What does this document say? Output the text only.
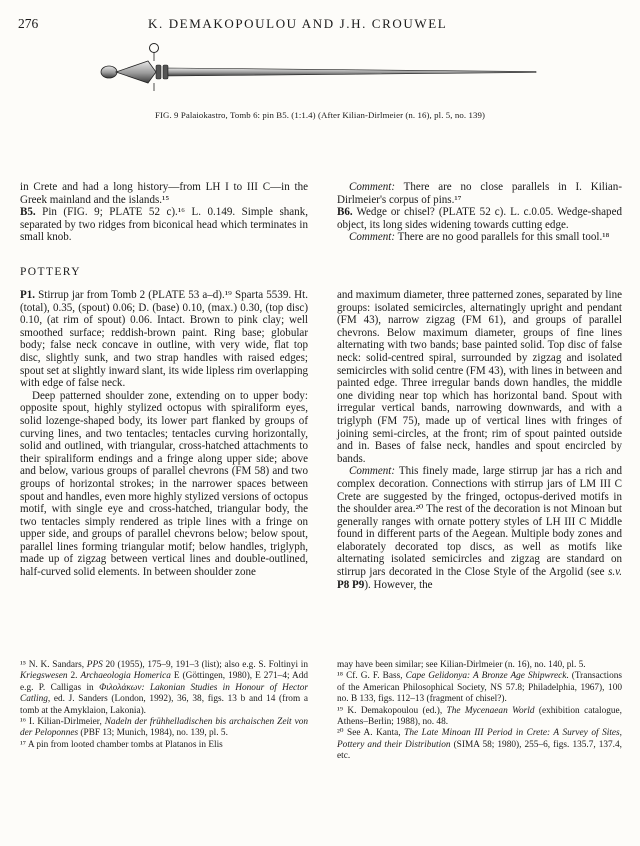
276	K. DEMAKOPOULOU AND J.H. CROUWEL
FIG. 9 Palaiokastro, Tomb 6: pin B5. (1:1.4) (After Kilian-Dirlmeier (n. 16), pl. 5, no. 139)

in Crete and had a long history—from LH I to III C—in the Greek mainland and the islands.¹⁵

B5. Pin (FIG. 9; PLATE 52 c).¹⁶ L. 0.149. Simple shank, separated by two ridges from biconical head which terminates in small knob.

Comment: There are no close parallels in I. Kilian-Dirlmeier's corpus of pins.¹⁷

B6. Wedge or chisel? (PLATE 52 c). L. c.0.05. Wedge-shaped object, its long sides widening towards cutting edge.

Comment: There are no good parallels for this small tool.¹⁸

POTTERY

P1. Stirrup jar from Tomb 2 (PLATE 53 a–d).¹⁹ Sparta 5539. Ht. (total), 0.35, (spout) 0.06; D. (base) 0.10, (max.) 0.30, (top disc) 0.10, (at rim of spout) 0.06. Intact. Brown to pink clay; well smoothed surface; reddish-brown paint. Ring base; globular body; false neck concave in outline, with very wide, flat top disc, slightly sunk, and two strap handles with raised edges; spout set at slightly inward slant, its wide lipless rim overlapping with edge of false neck.

Deep patterned shoulder zone, extending on to upper body: opposite spout, highly stylized octopus with spiraliform eyes, solid lozenge-shaped body, its lower part flanked by groups of curving lines, and two tentacles; tentacles curving horizontally, solid and outlined, with triangular, cross-hatched attachments to their spiraliform endings and a fringe along upper side; above and below, various groups of parallel chevrons (FM 58) and two groups of horizontal strokes; in the narrower spaces between spout and handles, even more highly stylized versions of octopus motif, with single eye and cross-hatched, triangular body, the two tentacles simply rendered as triple lines with a fringe on upper side, and groups of parallel chevrons below; below spout, parallel lines forming triangular motif; below handles, triglyph, made up of zigzag between vertical lines and double-outlined, half-curved solid elements. In between shoulder zone

and maximum diameter, three patterned zones, separated by line groups: isolated semicircles, alternatingly upright and pendant (FM 43), narrow zigzag (FM 61), and groups of parallel chevrons. Below maximum diameter, groups of fine lines alternating with two bands; base painted solid. Top disc of false neck: solid-centred spiral, surrounded by zigzag and isolated semicircles with solid centre (FM 43), with lines in between and painted edge. Three irregular bands down handles, the middle one dividing near top which has horizontal band. Spout with irregular vertical bands, narrowing downwards, and with a triglyph (FM 75), made up of vertical lines with fringes of joining semi-circles, at the front; rim of spout painted outside and in. Bases of false neck, handles and spout encircled by bands.

Comment: This finely made, large stirrup jar has a rich and complex decoration. Connections with stirrup jars of LM III C Crete are suggested by the fringed, octopus-derived motifs in the shoulder area.²⁰ The rest of the decoration is not Minoan but generally ranges with ornate pottery styles of LH III C Middle found in different parts of the Aegean. Multiple body zones and elaborately decorated top discs, as well as motifs like alternating isolated semicircles and zigzag are standard on stirrup jars decorated in the Close Style of the Argolid (see s.v. P8 P9). However, the

¹⁵ N. K. Sandars, PPS 20 (1955), 175–9, 191–3 (list); also e.g. S. Foltinyi in Kriegswesen 2. Archaeologia Homerica E (Göttingen, 1980), E 271–4; Add e.g. P. Calligas in Φιλολάκων: Lakonian Studies in Honour of Hector Catling, ed. J. Sanders (London, 1992), 36, 38, figs. 13 b and 14 (from a tomb at the Amyklaion, Lakonia).

¹⁶ I. Kilian-Dirlmeier, Nadeln der frühhelladischen bis archaischen Zeit von der Peloponnes (PBF 13; Munich, 1984), no. 139, pl. 5.

¹⁷ A pin from looted chamber tombs at Platanos in Elis

may have been similar; see Kilian-Dirlmeier (n. 16), no. 140, pl. 5.

¹⁸ Cf. G. F. Bass, Cape Gelidonya: A Bronze Age Shipwreck. (Transactions of the American Philosophical Society, NS 57.8; Philadelphia, 1967), 100 no. B 133, figs. 112–13 (fragment of chisel?).

¹⁹ K. Demakopoulou (ed.), The Mycenaean World (exhibition catalogue, Athens–Berlin; 1988), no. 48.

²⁰ See A. Kanta, The Late Minoan III Period in Crete: A Survey of Sites, Pottery and their Distribution (SIMA 58; 1980), 255–6, figs. 135.7, 137.4, etc.
